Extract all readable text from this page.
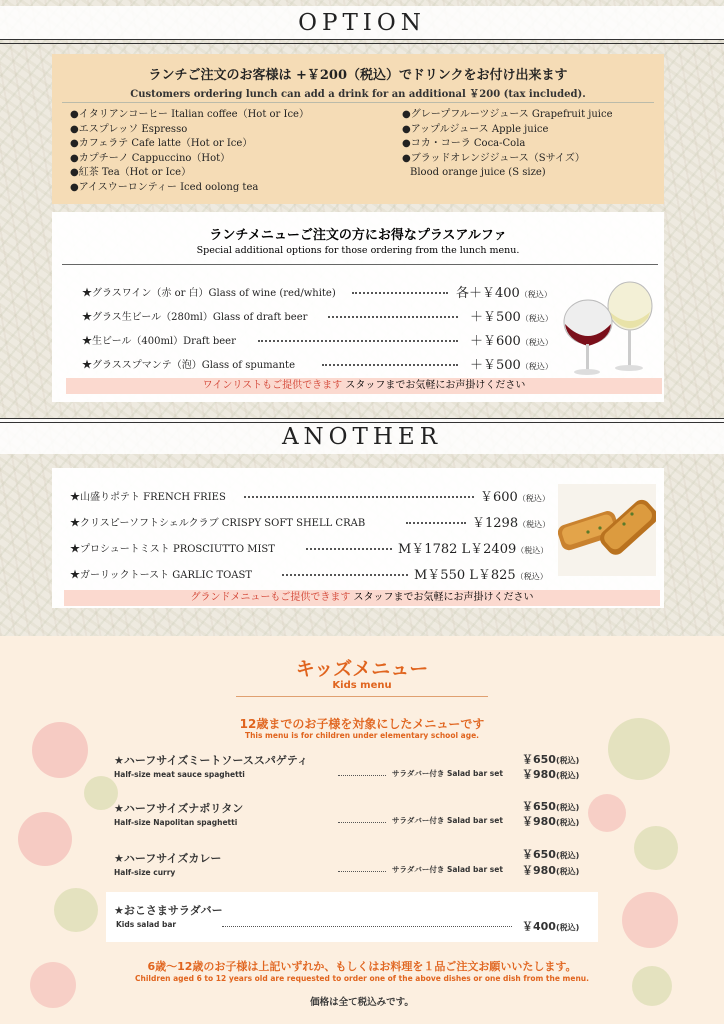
OPTION
ランチご注文のお客様は +￥200（税込）でドリンクをお付け出来ます
Customers ordering lunch can add a drink for an additional ￥200 (tax included).
●イタリアンコーヒー Italian coffee（Hot or Ice）
●エスプレッソ Espresso
●カフェラテ Cafe latte（Hot or Ice）
●カプチーノ Cappuccino（Hot）
●紅茶 Tea（Hot or Ice）
●アイスウーロンティー Iced oolong tea
●グレープフルーツジュース Grapefruit juice
●アップルジュース Apple juice
●コカ・コーラ Coca-Cola
●ブラッドオレンジジュース（Sサイズ）
Blood orange juice (S size)
ランチメニューご注文の方にお得なプラスアルファ
Special additional options for those ordering from the lunch menu.
★グラスワイン（赤 or 白）Glass of wine (red/white)	各＋￥400（税込）
★グラス生ビール（280ml）Glass of draft beer	＋￥500（税込）
★生ビール（400ml）Draft beer	＋￥600（税込）
★グラススプマンテ（泡）Glass of spumante	＋￥500（税込）
ワインリストもご提供できます スタッフまでお気軽にお声掛けください
ANOTHER
★山盛りポテト FRENCH FRIES	￥600（税込）
★クリスピーソフトシェルクラブ CRISPY SOFT SHELL CRAB	￥1298（税込）
★プロシュートミスト PROSCIUTTO MIST	M￥1782 L￥2409（税込）
★ガーリックトースト GARLIC TOAST	M￥550 L￥825（税込）
グランドメニューもご提供できます スタッフまでお気軽にお声掛けください
キッズメニュー
Kids menu
12歳までのお子様を対象にしたメニューです
This menu is for children under elementary school age.
★ハーフサイズミートソーススパゲティ
Half-size meat sauce spaghetti
￥650(税込)
サラダバー付き Salad bar set ￥980(税込)
★ハーフサイズナポリタン
Half-size Napolitan spaghetti
￥650(税込)
サラダバー付き Salad bar set ￥980(税込)
★ハーフサイズカレー
Half-size curry
￥650(税込)
サラダバー付き Salad bar set ￥980(税込)
★おこさまサラダバー
Kids salad bar	￥400(税込)
6歳～12歳のお子様は上記いずれか、もしくはお料理を１品ご注文お願いいたします。
Children aged 6 to 12 years old are requested to order one of the above dishes or one dish from the menu.
価格は全て税込みです。
